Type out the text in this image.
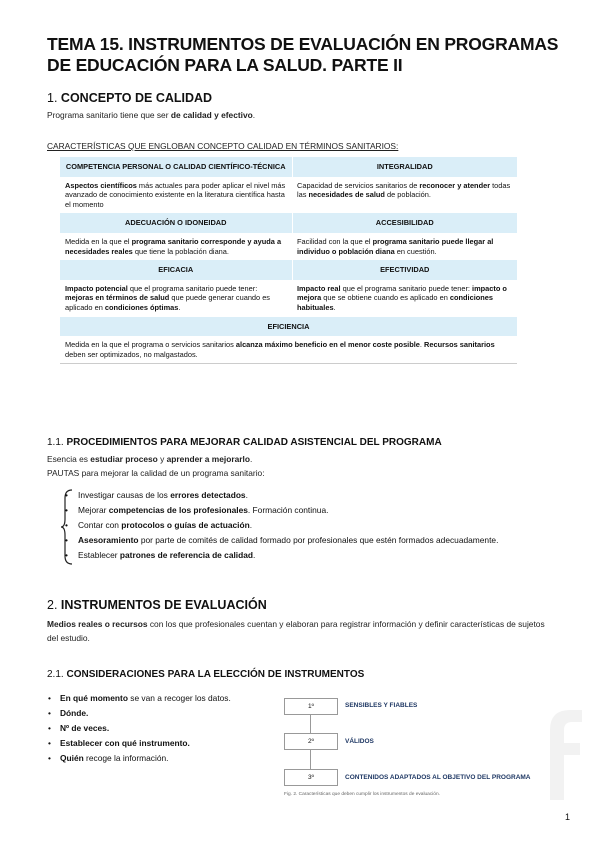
TEMA 15. INSTRUMENTOS DE EVALUACIÓN EN PROGRAMAS DE EDUCACIÓN PARA LA SALUD. PARTE II
1. CONCEPTO DE CALIDAD
Programa sanitario tiene que ser de calidad y efectivo.
CARACTERÍSTICAS QUE ENGLOBAN CONCEPTO CALIDAD EN TÉRMINOS SANITARIOS:
COMPETENCIA PERSONAL O CALIDAD CIENTÍFICO-TÉCNICA	INTEGRALIDAD
Aspectos científicos más actuales para poder aplicar el nivel más avanzado de conocimiento existente en la literatura científica hasta el momento	Capacidad de servicios sanitarios de reconocer y atender todas las necesidades de salud de población.
ADECUACIÓN O IDONEIDAD	ACCESIBILIDAD
Medida en la que el programa sanitario corresponde y ayuda a necesidades reales que tiene la población diana.	Facilidad con la que el programa sanitario puede llegar al individuo o población diana en cuestión.
EFICACIA	EFECTIVIDAD
Impacto potencial que el programa sanitario puede tener: mejoras en términos de salud que puede generar cuando es aplicado en condiciones óptimas.	Impacto real que el programa sanitario puede tener: impacto o mejora que se obtiene cuando es aplicado en condiciones habituales.
EFICIENCIA	
Medida en la que el programa o servicios sanitarios alcanza máximo beneficio en el menor coste posible. Recursos sanitarios deben ser optimizados, no malgastados.	
1.1. PROCEDIMIENTOS PARA MEJORAR CALIDAD ASISTENCIAL DEL PROGRAMA
Esencia es estudiar proceso y aprender a mejorarlo.
PAUTAS para mejorar la calidad de un programa sanitario:
• Investigar causas de los errores detectados.
• Mejorar competencias de los profesionales. Formación continua.
• Contar con protocolos o guías de actuación.
• Asesoramiento por parte de comités de calidad formado por profesionales que estén formados adecuadamente.
• Establecer patrones de referencia de calidad.
2. INSTRUMENTOS DE EVALUACIÓN
Medios reales o recursos con los que profesionales cuentan y elaboran para registrar información y definir características de sujetos del estudio.
2.1. CONSIDERACIONES PARA LA ELECCIÓN DE INSTRUMENTOS
• En qué momento se van a recoger los datos.
• Dónde.
• Nº de veces.
• Establecer con qué instrumento.
• Quién recoge la información.
1º	SENSIBLES Y FIABLES
2º	VÁLIDOS
3º	CONTENIDOS ADAPTADOS AL OBJETIVO DEL PROGRAMA
Fig. 2. Características que deben cumplir los instrumentos de evaluación.
1
